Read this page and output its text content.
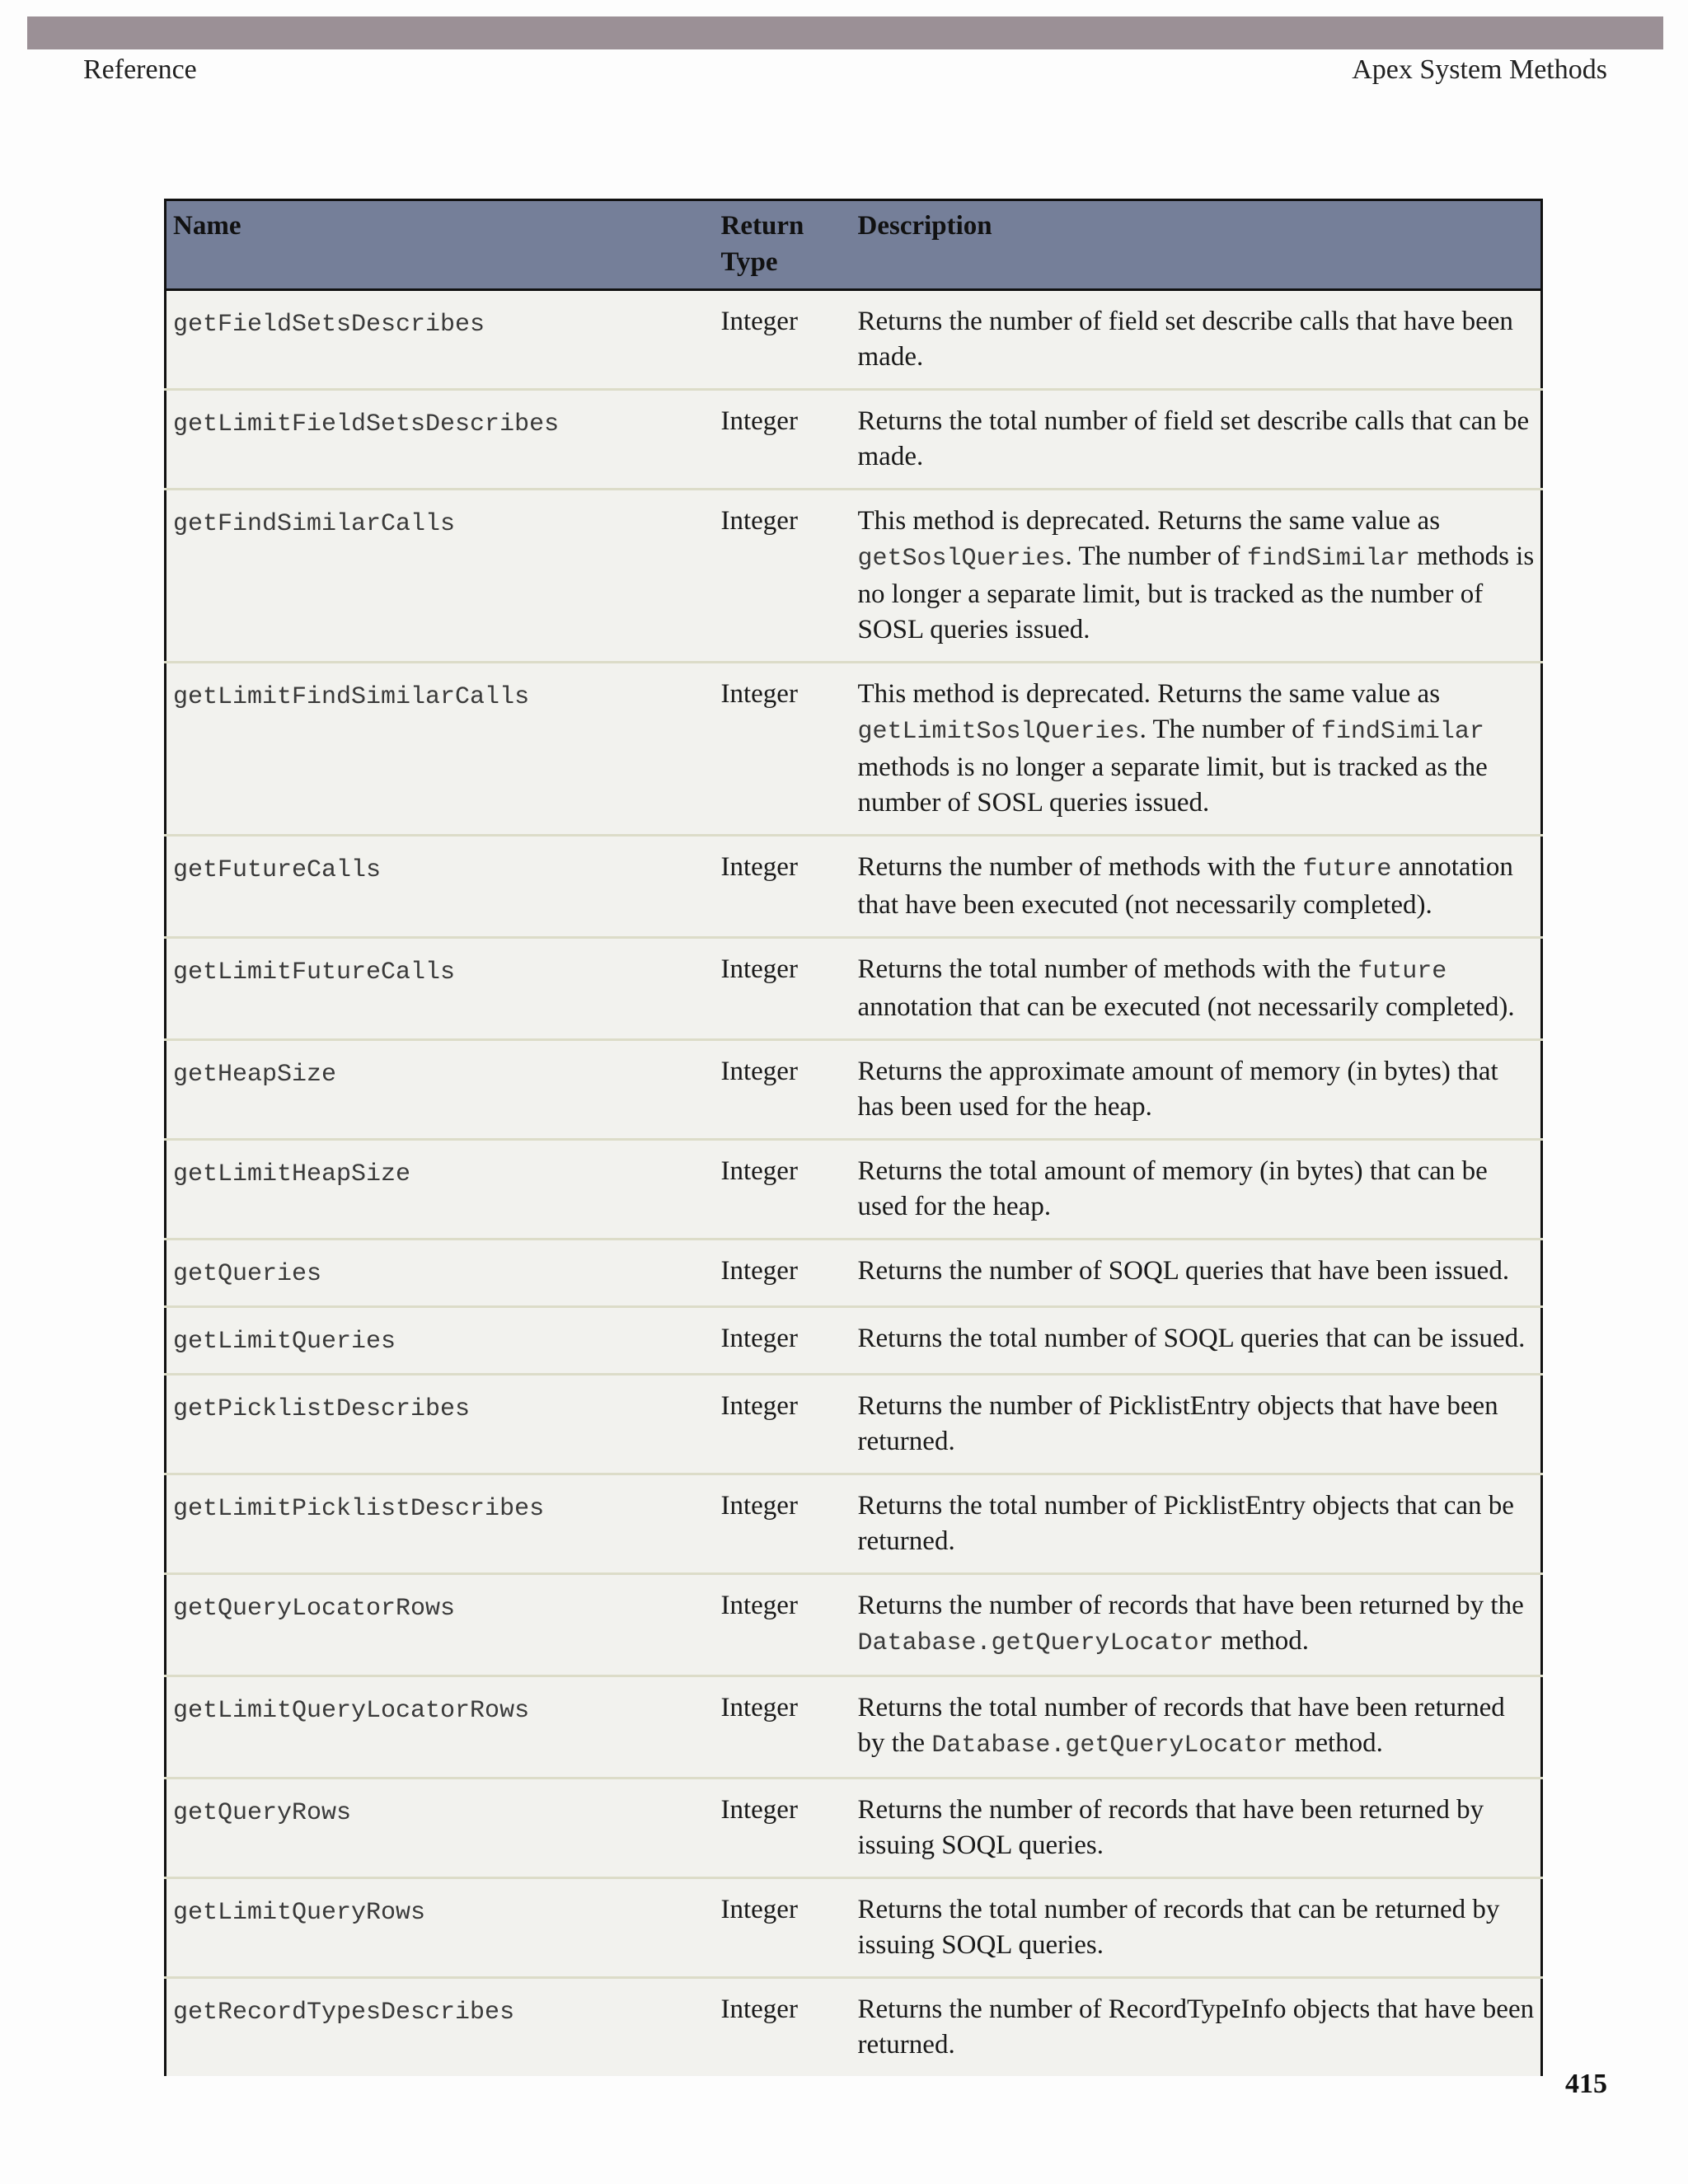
Reference	Apex System Methods
Name	Return Type	Description
getFieldSetsDescribes	Integer	Returns the number of field set describe calls that have been made.
getLimitFieldSetsDescribes	Integer	Returns the total number of field set describe calls that can be made.
getFindSimilarCalls	Integer	This method is deprecated. Returns the same value as getSoslQueries. The number of findSimilar methods is no longer a separate limit, but is tracked as the number of SOSL queries issued.
getLimitFindSimilarCalls	Integer	This method is deprecated. Returns the same value as getLimitSoslQueries. The number of findSimilar methods is no longer a separate limit, but is tracked as the number of SOSL queries issued.
getFutureCalls	Integer	Returns the number of methods with the future annotation that have been executed (not necessarily completed).
getLimitFutureCalls	Integer	Returns the total number of methods with the future annotation that can be executed (not necessarily completed).
getHeapSize	Integer	Returns the approximate amount of memory (in bytes) that has been used for the heap.
getLimitHeapSize	Integer	Returns the total amount of memory (in bytes) that can be used for the heap.
getQueries	Integer	Returns the number of SOQL queries that have been issued.
getLimitQueries	Integer	Returns the total number of SOQL queries that can be issued.
getPicklistDescribes	Integer	Returns the number of PicklistEntry objects that have been returned.
getLimitPicklistDescribes	Integer	Returns the total number of PicklistEntry objects that can be returned.
getQueryLocatorRows	Integer	Returns the number of records that have been returned by the Database.getQueryLocator method.
getLimitQueryLocatorRows	Integer	Returns the total number of records that have been returned by the Database.getQueryLocator method.
getQueryRows	Integer	Returns the number of records that have been returned by issuing SOQL queries.
getLimitQueryRows	Integer	Returns the total number of records that can be returned by issuing SOQL queries.
getRecordTypesDescribes	Integer	Returns the number of RecordTypeInfo objects that have been returned.
415
